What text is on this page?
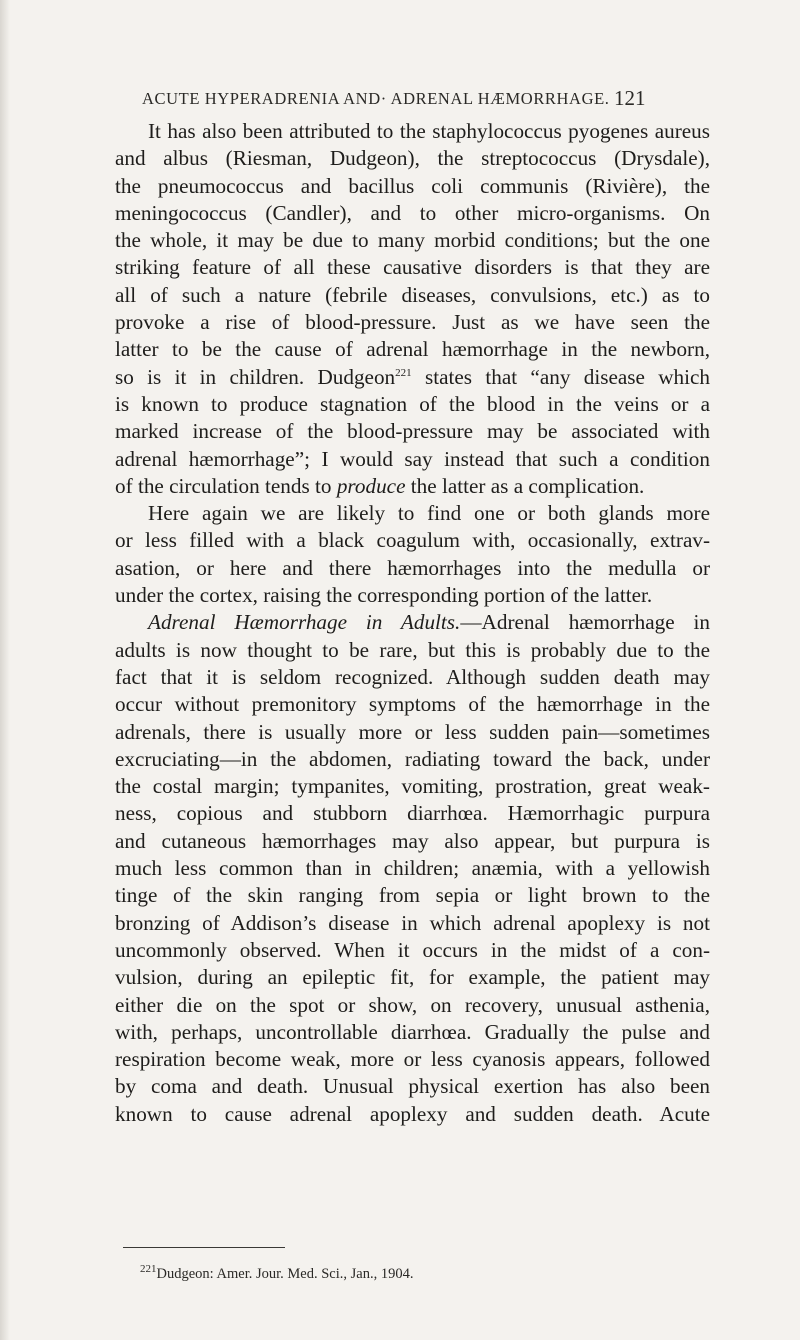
ACUTE HYPERADRENIA AND· ADRENAL HÆMORRHAGE. 121
It has also been attributed to the staphylococcus pyogenes aureus
and albus (Riesman, Dudgeon), the streptococcus (Drysdale),
the pneumococcus and bacillus coli communis (Rivière), the
meningococcus (Candler), and to other micro-organisms. On
the whole, it may be due to many morbid conditions; but the one
striking feature of all these causative disorders is that they are
all of such a nature (febrile diseases, convulsions, etc.) as to
provoke a rise of blood-pressure. Just as we have seen the
latter to be the cause of adrenal hæmorrhage in the newborn,
so is it in children. Dudgeon$^{221}$ states that “any disease which
is known to produce stagnation of the blood in the veins or a
marked increase of the blood-pressure may be associated with
adrenal hæmorrhage”; I would say instead that such a condition
of the circulation tends to produce the latter as a complication.
Here again we are likely to find one or both glands more
or less filled with a black coagulum with, occasionally, extrav-
asation, or here and there hæmorrhages into the medulla or
under the cortex, raising the corresponding portion of the latter.
Adrenal Hæmorrhage in Adults.—Adrenal hæmorrhage in
adults is now thought to be rare, but this is probably due to the
fact that it is seldom recognized. Although sudden death may
occur without premonitory symptoms of the hæmorrhage in the
adrenals, there is usually more or less sudden pain—sometimes
excruciating—in the abdomen, radiating toward the back, under
the costal margin; tympanites, vomiting, prostration, great weak-
ness, copious and stubborn diarrhœa. Hæmorrhagic purpura
and cutaneous hæmorrhages may also appear, but purpura is
much less common than in children; anæmia, with a yellowish
tinge of the skin ranging from sepia or light brown to the
bronzing of Addison’s disease in which adrenal apoplexy is not
uncommonly observed. When it occurs in the midst of a con-
vulsion, during an epileptic fit, for example, the patient may
either die on the spot or show, on recovery, unusual asthenia,
with, perhaps, uncontrollable diarrhœa. Gradually the pulse and
respiration become weak, more or less cyanosis appears, followed
by coma and death. Unusual physical exertion has also been
known to cause adrenal apoplexy and sudden death. Acute
$^{221}$Dudgeon: Amer. Jour. Med. Sci., Jan., 1904.
